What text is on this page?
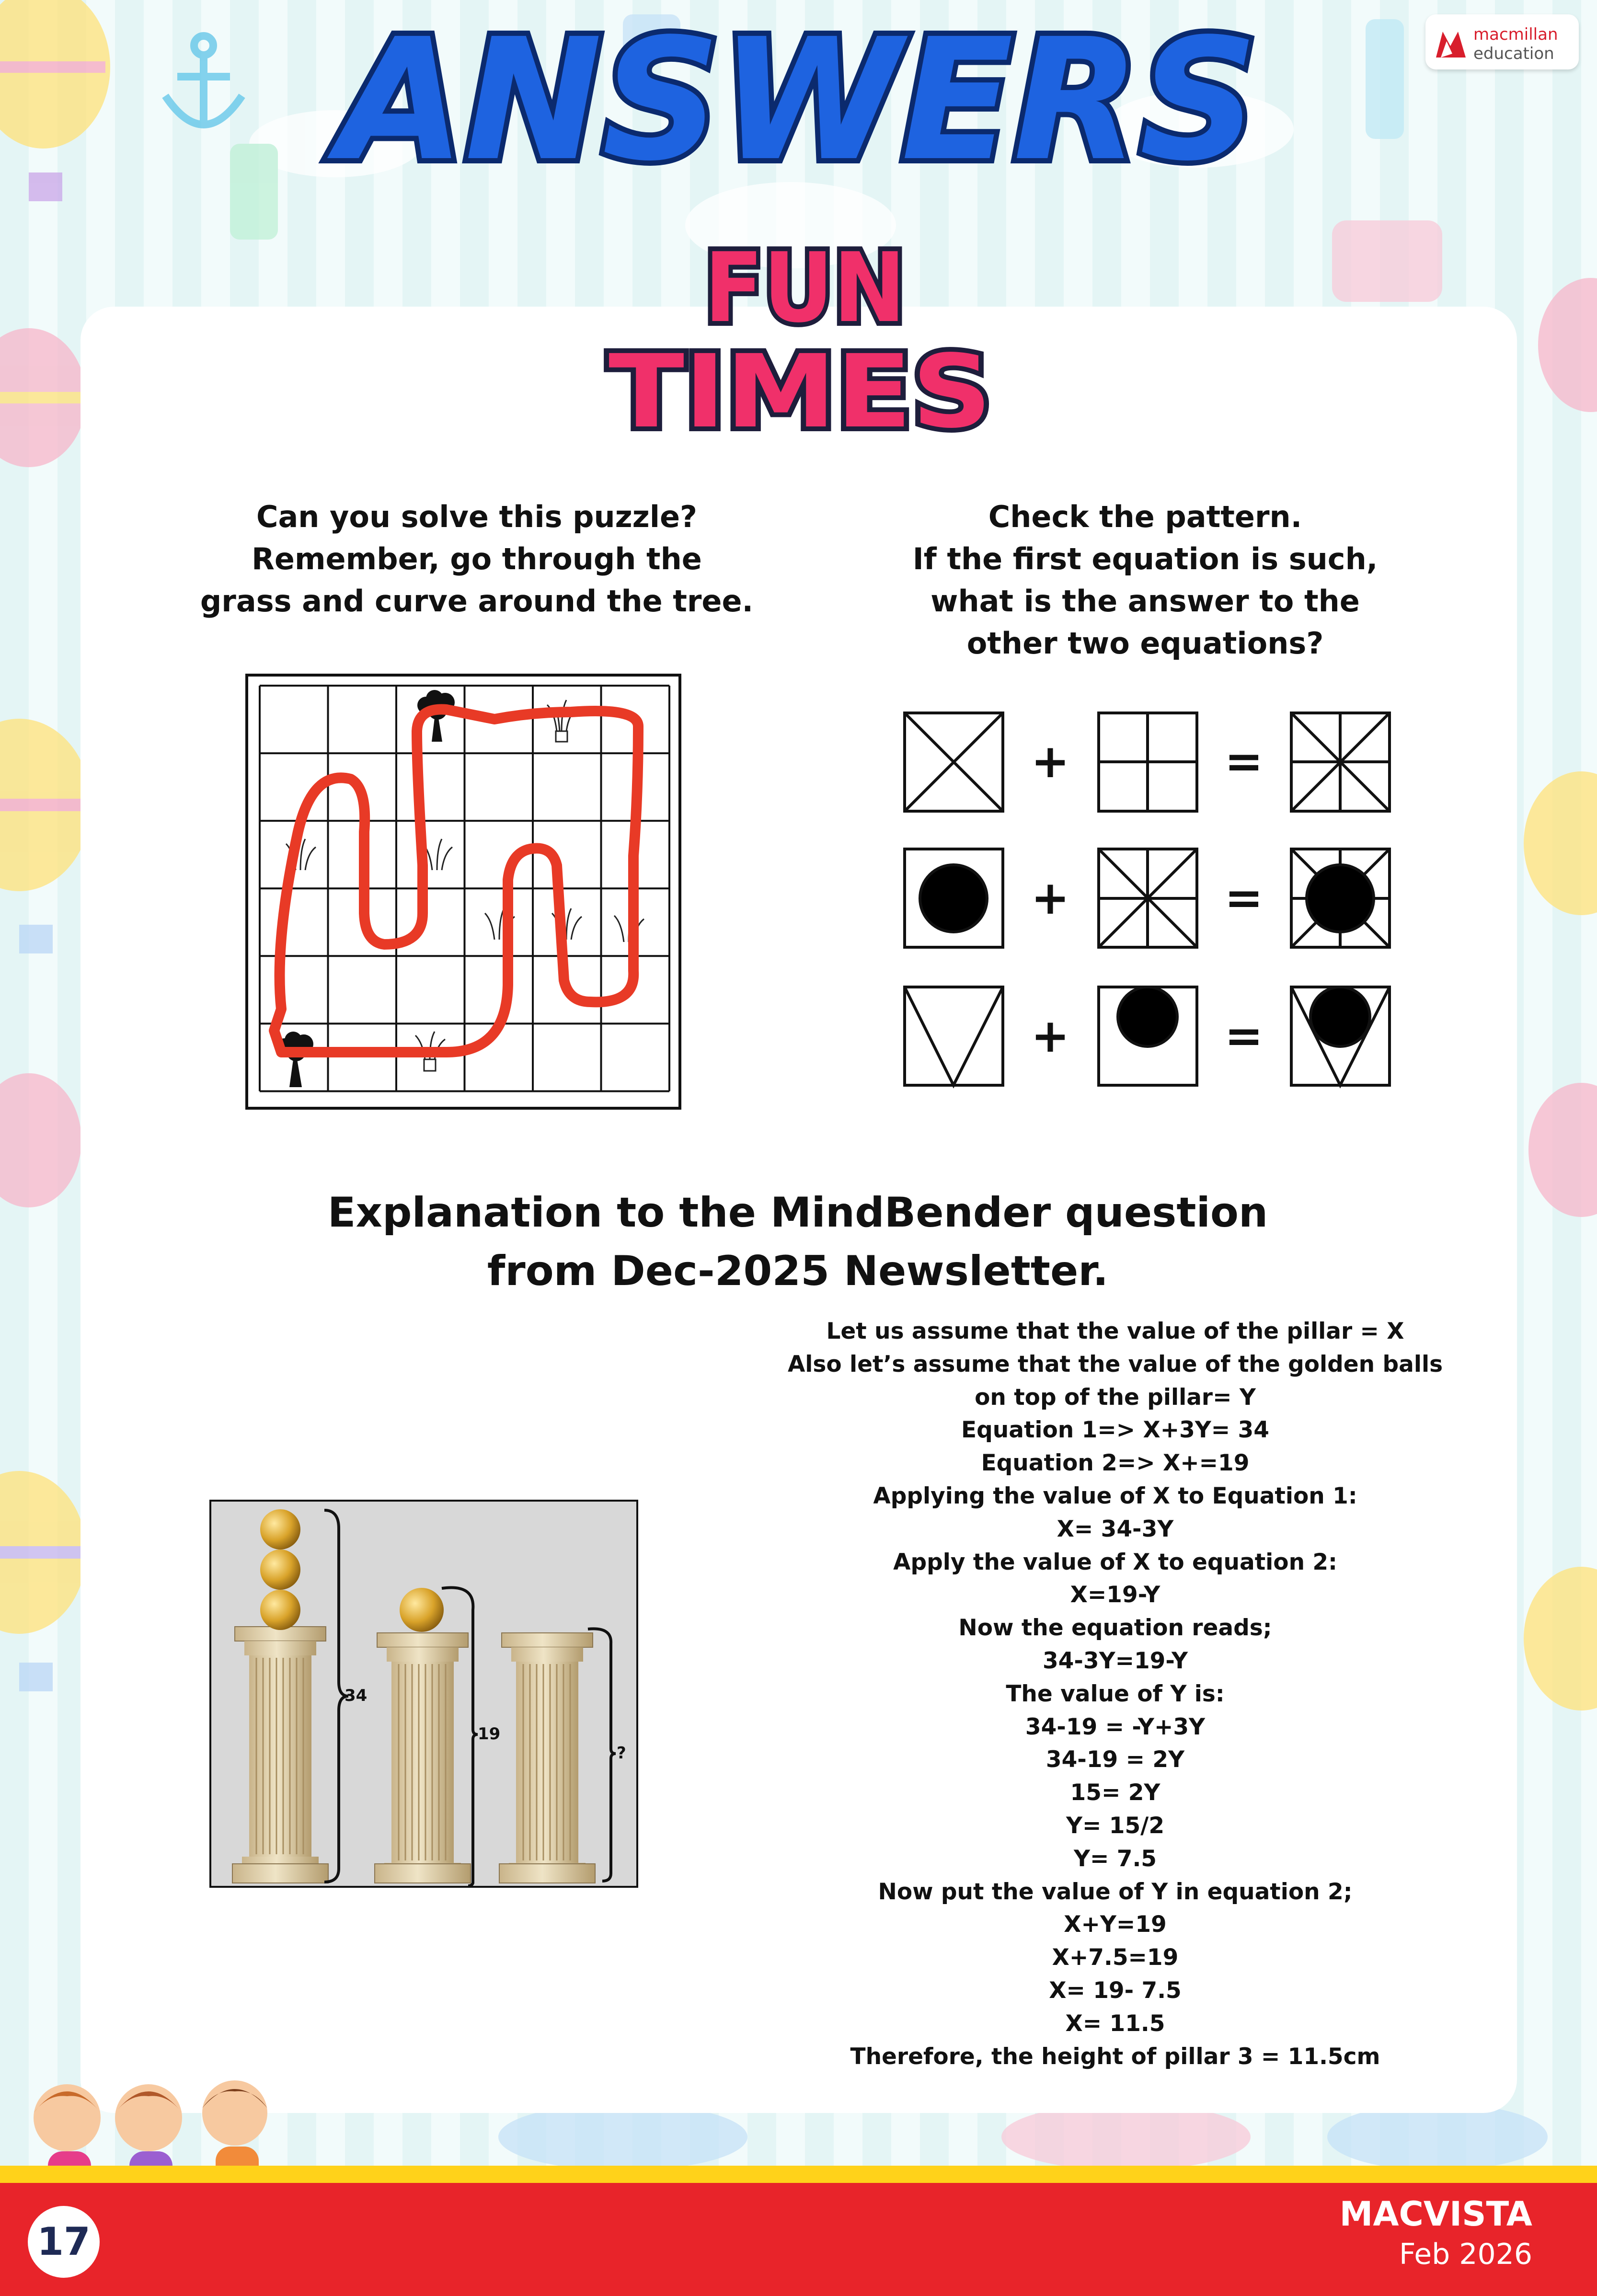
ANSWERS	macmillan
education
FUN
TIMES
Can you solve this puzzle?
Remember, go through the
grass and curve around the tree.
Check the pattern.
If the first equation is such,
what is the answer to the
other two equations?
+	=
+	=
+	=
Explanation to the MindBender question
from Dec-2025 Newsletter.
34
19
?
Let us assume that the value of the pillar = X
Also let’s assume that the value of the golden balls
on top of the pillar= Y
Equation 1=> X+3Y= 34
Equation 2=> X+=19
Applying the value of X to Equation 1:
X= 34-3Y
Apply the value of X to equation 2:
X=19-Y
Now the equation reads;
34-3Y=19-Y
The value of Y is:
34-19 = -Y+3Y
34-19 = 2Y
15= 2Y
Y= 15/2
Y= 7.5
Now put the value of Y in equation 2;
X+Y=19
X+7.5=19
X= 19- 7.5
X= 11.5
Therefore, the height of pillar 3 = 11.5cm
17
MACVISTA
Feb 2026
